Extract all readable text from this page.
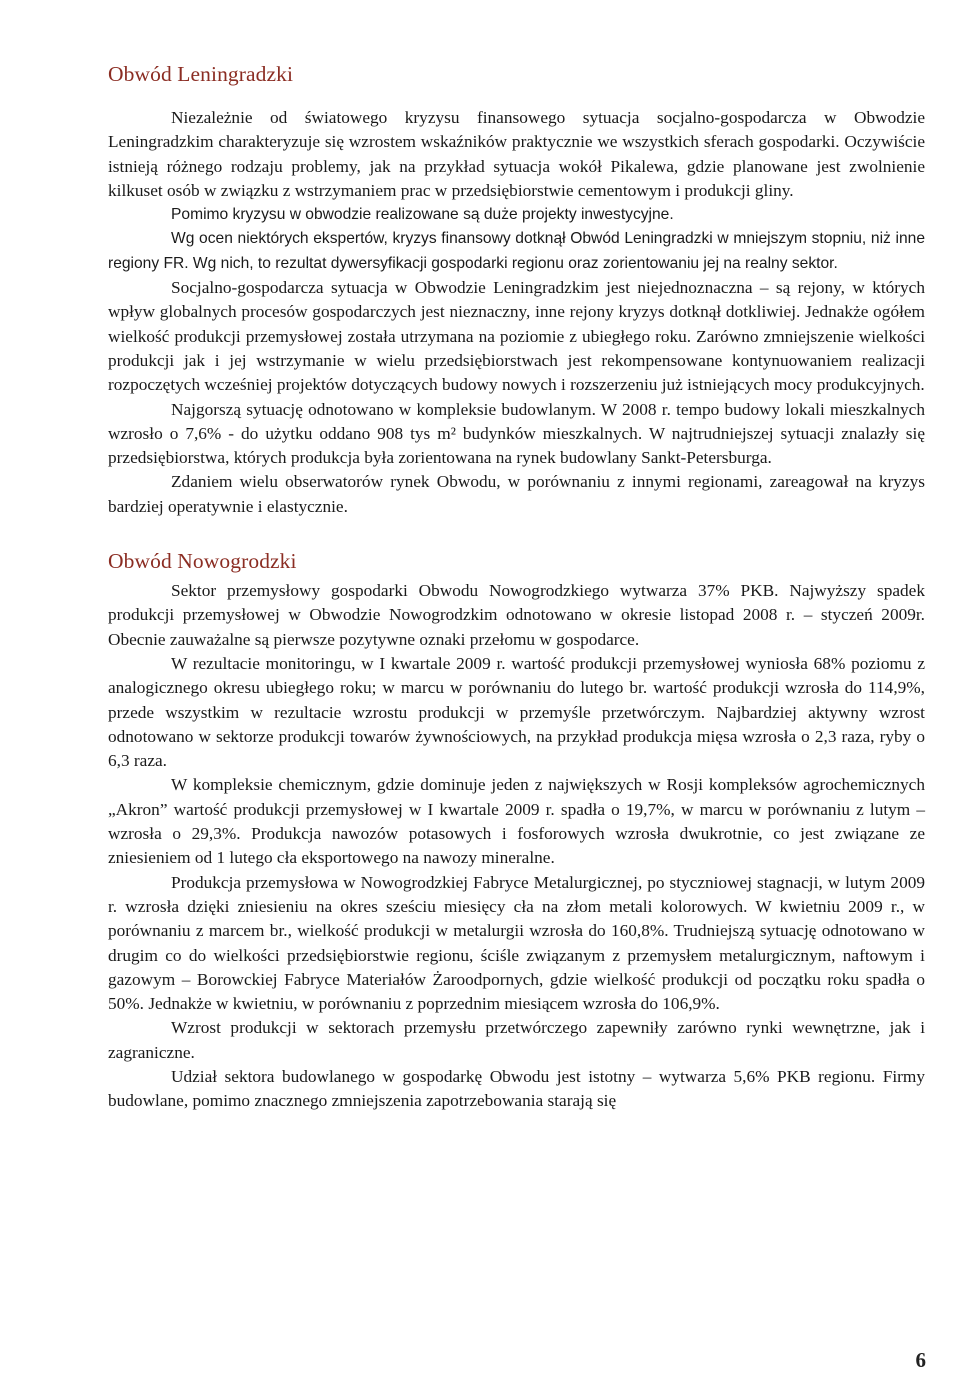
Obwód Leningradzki

Niezależnie od światowego kryzysu finansowego sytuacja socjalno-gospodarcza w Obwodzie Leningradzkim charakteryzuje się wzrostem wskaźników praktycznie we wszystkich sferach gospodarki. Oczywiście istnieją różnego rodzaju problemy, jak na przykład sytuacja wokół Pikalewa, gdzie planowane jest zwolnienie kilkuset osób w związku z wstrzymaniem prac w przedsiębiorstwie cementowym i produkcji gliny.

Pomimo kryzysu w obwodzie realizowane są duże projekty inwestycyjne.

Wg ocen niektórych ekspertów, kryzys finansowy dotknął Obwód Leningradzki w mniejszym stopniu, niż inne regiony FR. Wg nich, to rezultat dywersyfikacji gospodarki regionu oraz zorientowaniu jej na realny sektor.

Socjalno-gospodarcza sytuacja w Obwodzie Leningradzkim jest niejednoznaczna – są rejony, w których wpływ globalnych procesów gospodarczych jest nieznaczny, inne rejony kryzys dotknął dotkliwiej. Jednakże ogółem wielkość produkcji przemysłowej została utrzymana na poziomie z ubiegłego roku. Zarówno zmniejszenie wielkości produkcji jak i jej wstrzymanie w wielu przedsiębiorstwach jest rekompensowane kontynuowaniem realizacji rozpoczętych wcześniej projektów dotyczących budowy nowych i rozszerzeniu już istniejących mocy produkcyjnych.

Najgorszą sytuację odnotowano w kompleksie budowlanym. W 2008 r. tempo budowy lokali mieszkalnych wzrosło o 7,6% - do użytku oddano 908 tys m² budynków mieszkalnych. W najtrudniejszej sytuacji znalazły się przedsiębiorstwa, których produkcja była zorientowana na rynek budowlany Sankt-Petersburga.

Zdaniem wielu obserwatorów rynek Obwodu, w porównaniu z innymi regionami, zareagował na kryzys bardziej operatywnie i elastycznie.

Obwód Nowogrodzki

Sektor przemysłowy gospodarki Obwodu Nowogrodzkiego wytwarza 37% PKB. Najwyższy spadek produkcji przemysłowej w Obwodzie Nowogrodzkim odnotowano w okresie listopad 2008 r. – styczeń 2009r. Obecnie zauważalne są pierwsze pozytywne oznaki przełomu w gospodarce.

W rezultacie monitoringu, w I kwartale 2009 r. wartość produkcji przemysłowej wyniosła 68% poziomu z analogicznego okresu ubiegłego roku; w marcu w porównaniu do lutego br. wartość produkcji wzrosła do 114,9%, przede wszystkim w rezultacie wzrostu produkcji w przemyśle przetwórczym. Najbardziej aktywny wzrost odnotowano w sektorze produkcji towarów żywnościowych, na przykład produkcja mięsa wzrosła o 2,3 raza, ryby o 6,3 raza.

W kompleksie chemicznym, gdzie dominuje jeden z największych w Rosji kompleksów agrochemicznych „Akron” wartość produkcji przemysłowej w I kwartale 2009 r. spadła o 19,7%, w marcu w porównaniu z lutym – wzrosła o 29,3%. Produkcja nawozów potasowych i fosforowych wzrosła dwukrotnie, co jest związane ze zniesieniem od 1 lutego cła eksportowego na nawozy mineralne.

Produkcja przemysłowa w Nowogrodzkiej Fabryce Metalurgicznej, po styczniowej stagnacji, w lutym 2009 r. wzrosła dzięki zniesieniu na okres sześciu miesięcy cła na złom metali kolorowych. W kwietniu 2009 r., w porównaniu z marcem br., wielkość produkcji w metalurgii wzrosła do 160,8%. Trudniejszą sytuację odnotowano w drugim co do wielkości przedsiębiorstwie regionu, ściśle związanym z przemysłem metalurgicznym, naftowym i gazowym – Borowckiej Fabryce Materiałów Żaroodpornych, gdzie wielkość produkcji od początku roku spadła o 50%. Jednakże w kwietniu, w porównaniu z poprzednim miesiącem wzrosła do 106,9%.

Wzrost produkcji w sektorach przemysłu przetwórczego zapewniły zarówno rynki wewnętrzne, jak i zagraniczne.

Udział sektora budowlanego w gospodarkę Obwodu jest istotny – wytwarza 5,6% PKB regionu. Firmy budowlane, pomimo znacznego zmniejszenia zapotrzebowania starają się

6
